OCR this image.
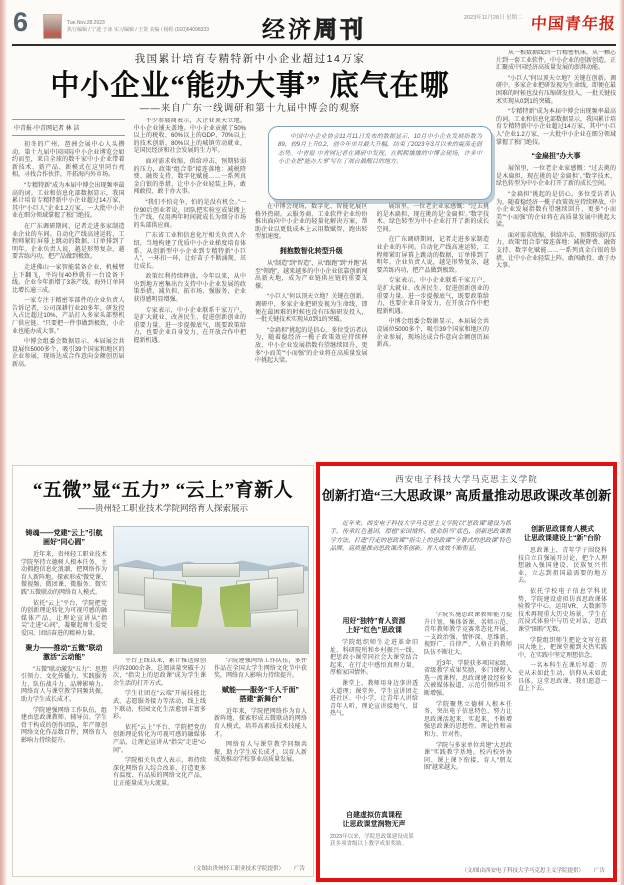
6	Tue.Nov.28.2023
执行编辑 / 宁迪 于冰 实习编辑 / 王贺 美编 / 杨程 (010)64098333 经济周刊	$^{2023年11月28日 星期二}$ 中国青年报
我国累计培育专精特新中小企业超过14万家
中小企业“能办大事” 底气在哪
——来自广东一线调研和第十九届中博会的观察
中国中小企业协会11月11日发布的数据显示，10月中小企业发展指数为89，较9月上升0.2，创今年单月最大升幅，结束了2023年3月以来的震荡走弱态势。中青报·中青网记者在调研中发现，在熙熙攘攘的中博会现场，许多中小企业把“能办大事”写在了展台最醒目的地方。
中青报·中青网记者 林 洁

初冬的广州，琶洲会展中心人头攒动。第十九届中国国际中小企业博览会如约而至，来自全球的数千家中小企业带着新技术、新产品、新模式在这里同台亮相，寻找合作伙伴，开拓海内外市场。

“专精特新”成为本届中博会出现频率最高的词。工业和信息化部数据显示，我国累计培育专精特新中小企业超过14万家，其中“小巨人”企业1.2万家，一大批中小企业在细分领域掌握了独门绝技。

在广东调研期间，记者走进多家制造业企业的车间。自动化产线高速运转，工程师紧盯屏幕上跳动的数据，订单排到了明年。企业负责人说，越是形势复杂，越要苦练内功，把产品做到极致。

走进佛山一家智能装备企业，机械臂上下翻飞，平均每40秒就有一台设备下线。企业今年新增了3条产线，海外订单同比增长逾三成。

一家专注于精密零部件的企业负责人告诉记者，公司深耕行业20多年，研发投入占比超过10%，产品打入多家头部整机厂供应链。“只要把一件事做到极致，小企业也能办成大事。”

中博会组委会数据显示，本届展会共设展位5000多个，吸引39个国家和地区的企业参展，现场达成合作意向金额创历届新高。

不少参展商表示，大企业顶天立地，中小企业铺天盖地。中小企业贡献了50%以上的税收、60%以上的GDP、70%以上的技术创新、80%以上的城镇劳动就业，是国民经济和社会发展的生力军。

面对需求收缩、供给冲击、预期转弱的压力，政策“组合拳”接连落地：减税降费、融资支持、数字化赋能……一系列真金白银的举措，让中小企业轻装上阵，敢闯敢投、敢于办大事。

“我们不怕竞争，怕的是没有机会。”一位90后创业者说，团队把实验室成果搬上生产线，仅用两年时间就成长为细分市场的头部供应商。

广东省工业和信息化厅相关负责人介绍，当地构建了优质中小企业梯度培育体系，从创新型中小企业到专精特新“小巨人”，一环扣一环，让好苗子不断涌现、茁壮成长。

政策红利持续释放。今年以来，从中央到地方密集出台支持中小企业发展的政策举措，减负担、拓市场、强服务，企业获得感明显增强。

专家表示，中小企业联系千家万户，是扩大就业、改善民生、促进创新创业的重要力量。进一步提振底气，既要政策给力，也要企业自身发力，在开放合作中把握新机遇。

在中博会现场，数字化、智能化展区格外热闹。云服务商、工业软件企业纷纷推出面向中小企业的轻量化解决方案，帮助企业以更低成本上云用数赋智，跑出转型加速度。

拥抱数智化转型升级

从“制造”到“智造”，从“跟跑”到“并跑”甚至“领跑”，越来越多的中小企业依靠创新闯出新天地，成为产业链供应链的重要支撑。

“小巨人”何以顶天立地？关键在创新。调研中，多家企业把研发视为生命线，即便在最困难的时候也没有压缩研发投入，一批关键技术实现从0到1的突破。

“金扁担”挑起的是信心。多位受访者认为，随着稳经济一揽子政策效应持续释放，中小企业发展指数有望继续回升，更多“小而美”“小而强”的企业将在高质量发展中挑起大梁。

展馆里，一位老企业家感慨：“过去挑的是木扁担，现在挑的是‘金扁担’。”数字技术、绿色转型为中小企业打开了新的成长空间。

在广东调研期间，记者走进多家制造业企业的车间。自动化产线高速运转，工程师紧盯屏幕上跳动的数据，订单排到了明年。企业负责人说，越是形势复杂，越要苦练内功，把产品做到极致。

专家表示，中小企业联系千家万户，是扩大就业、改善民生、促进创新创业的重要力量。进一步提振底气，既要政策给力，也要企业自身发力，在开放合作中把握新机遇。

中博会组委会数据显示，本届展会共设展位5000多个，吸引39个国家和地区的企业参展，现场达成合作意向金额创历届新高。

从一根数据线到一台精密机床，从一颗芯片到一套工业软件，中小企业的创新创造，正汇聚成中国经济高质量发展的澎湃动能。

“小巨人”何以顶天立地？关键在创新。调研中，多家企业把研发视为生命线，即便在最困难的时候也没有压缩研发投入，一批关键技术实现从0到1的突破。

“专精特新”成为本届中博会出现频率最高的词。工业和信息化部数据显示，我国累计培育专精特新中小企业超过14万家，其中“小巨人”企业1.2万家，一大批中小企业在细分领域掌握了独门绝技。

“金扁担”办大事

展馆里，一位老企业家感慨：“过去挑的是木扁担，现在挑的是‘金扁担’。”数字技术、绿色转型为中小企业打开了新的成长空间。

“金扁担”挑起的是信心。多位受访者认为，随着稳经济一揽子政策效应持续释放，中小企业发展指数有望继续回升，更多“小而美”“小而强”的企业将在高质量发展中挑起大梁。

面对需求收缩、供给冲击、预期转弱的压力，政策“组合拳”接连落地：减税降费、融资支持、数字化赋能……一系列真金白银的举措，让中小企业轻装上阵，敢闯敢投、敢于办大事。

“五微”显“五力” “云上”育新人
——贵州轻工职业技术学院网络育人探索展示
铸魂——党建“云上”引航
画好“同心圆”

近年来，贵州轻工职业技术学院坚持立德树人根本任务，主动拥抱信息化浪潮，把网络作为育人新阵地，探索形成“微党课、微视频、微团课、微服务、微实践”五微联动的网络育人模式。

依托“云上”平台，学院把党的创新理论转化为可视可感的融媒体产品，让理论宣讲从“指尖”走进“心间”，凝聚起师生爱党爱国、团结奋进的精神力量。

聚力——推动“五微”联动
激活“云动能”

“五微”联动激发“五力”：思想引领力、文化传播力、实践服务力、队伍战斗力、品牌影响力。网络育人与课堂教学同频共振，助力学生成长成才。

学院建强网络工作队伍，组建由思政课教师、辅导员、学生骨干构成的创作团队，年产原创网络文化作品数百件，网络育人影响力持续提升。

平台上线以来，累计推送原创内容2000余条，总阅读量突破千万次，“指尖上的思政课”成为学生课余生活的打开方式。

学生社团在“云端”开展技能比武、志愿服务接力等活动，线上线下联动，校园文化生活愈加丰富多彩。

依托“云上”平台，学院把党的创新理论转化为可视可感的融媒体产品，让理论宣讲从“指尖”走进“心间”。

学院相关负责人表示，将持续深化网络育人综合改革，打造更多有温度、有品质的网络文化产品，让正能量成为大流量。

学院建强网络工作队伍，多件作品在全国大学生网络文化节中获奖，网络育人影响力持续提升。

赋能——服务“千人千面”
搭建“新舞台”

近年来，学院把网络作为育人新阵地，探索形成五微联动的网络育人模式，培养高素质技术技能人才。

网络育人与课堂教学同频共振，助力学生成长成才，以育人新成效推动学校事业高质量发展。

（文图由贵州轻工职业技术学院提供） 广告
西安电子科技大学马克思主义学院
创新打造“三大思政课” 高质量推动思政课改革创新
近年来，西安电子科技大学马克思主义学院以“思政课”建设为抓手，传承红色基因，厚植“家国情怀、使命担当”底色，创新思政课教学方法，打造“行走的思政课”“指尖上的思政课”“全景式的思政课”特色品牌，高质量推动思政课改革创新，育人成效不断彰显。
用好“独特”育人资源
上好“红色”思政课

学院组织师生走进革命旧址、科研院所和乡村振兴一线，把思政小课堂同社会大课堂结合起来，在行走中感悟真理力量，厚植家国情怀。

课堂上，教师用身边事讲透大道理；课堂外，学生宣讲团走进社区、中小学，让青年人讲给青年人听，理论宣讲接地气、冒热气。

自建虚拟仿真课程
让思政课堂润物无声

2023年以来，学院思政课建设成果获多项省级以上教学成果奖励。

学院实施思政课教师能力提升计划，集体备课、名师示范、青年教师教学竞赛常态化开展，一支政治强、情怀深、思维新、视野广、自律严、人格正的教师队伍不断壮大。

近3年，学院获多项国家级、省级教学成果奖励，多门课程入选一流课程，思政课建设经验多次被媒体报道，示范引领作用不断增强。

学院聚焦立德树人根本任务，突出电子信息特色，努力让思政课活起来、实起来，不断增强思政课的思想性、理论性和亲和力、针对性。

学院与多家单位共建“大思政课”实践教学基地，校内校外协同、课上课下衔接，育人“朋友圈”越来越大。

创新思政课育人模式
让思政课建设上“新”台阶

思政课上，青年学子围绕科技自立自强展开讨论，把个人理想融入强国建设、民族复兴伟业，立志到祖国最需要的地方去。

依托学校电子信息学科优势，学院建设虚拟仿真思政课体验教学中心，运用VR、大数据等技术再现重大历史场景，学生在沉浸式体验中与历史对话，思政课堂“圈粉”无数。

学院组织师生把论文写在祖国大地上，把课堂搬到火热实践中，在实践中坚定理想信念。

一名本科生在课后写道：历史从未如此生动，信仰从未如此具体。这堂思政课，我们愿意一直上下去。

（文/图由西安电子科技大学马克思主义学院提供） 广告
